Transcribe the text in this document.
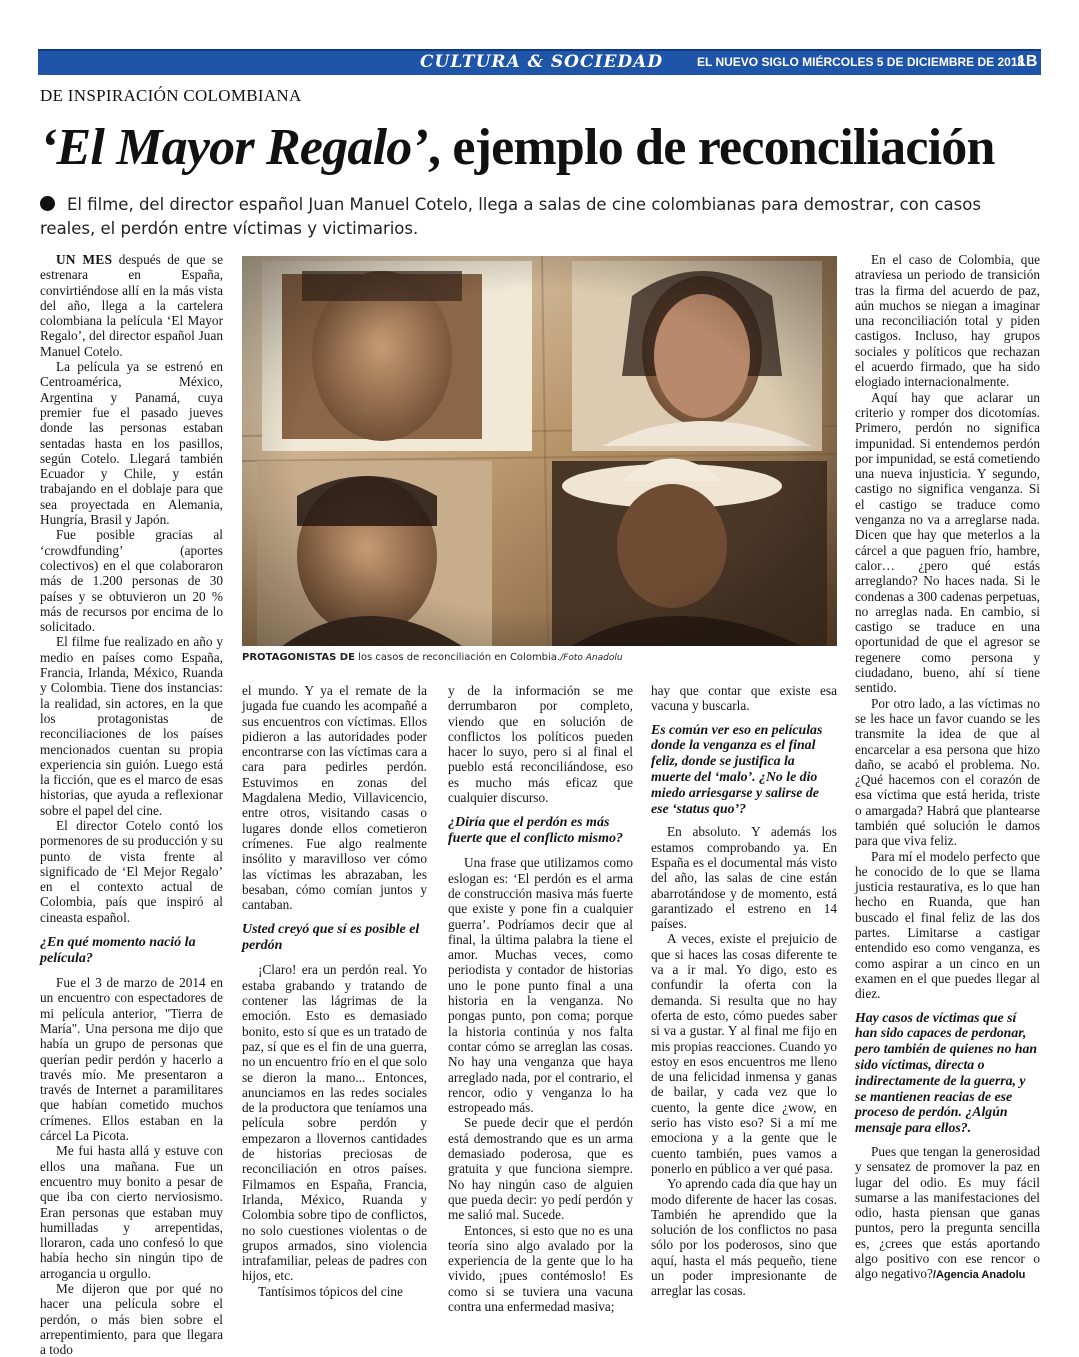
CULTURA & SOCIEDAD	EL NUEVO SIGLO MIÉRCOLES 5 DE DICIEMBRE DE 2018
1B
DE INSPIRACIÓN COLOMBIANA
‘El Mayor Regalo’, ejemplo de reconciliación
El filme, del director español Juan Manuel Cotelo, llega a salas de cine colombianas para demostrar, con casos reales, el perdón entre víctimas y victimarios.

UN MES después de que se estrenara en España, convirtiéndose allí en la más vista del año, llega a la cartelera colombiana la película ‘El Mayor Regalo’, del director español Juan Manuel Cotelo.

La película ya se estrenó en Centroamérica, México, Argentina y Panamá, cuya premier fue el pasado jueves donde las personas estaban sentadas hasta en los pasillos, según Cotelo. Llegará también Ecuador y Chile, y están trabajando en el doblaje para que sea proyectada en Alemania, Hungría, Brasil y Japón.

Fue posible gracias al ‘crowdfunding’ (aportes colectivos) en el que colaboraron más de 1.200 personas de 30 países y se obtuvieron un 20 % más de recursos por encima de lo solicitado.

El filme fue realizado en año y medio en países como España, Francia, Irlanda, México, Ruanda y Colombia. Tiene dos instancias: la realidad, sin actores, en la que los protagonistas de reconciliaciones de los países mencionados cuentan su propia experiencia sin guión. Luego está la ficción, que es el marco de esas historias, que ayuda a reflexionar sobre el papel del cine.

El director Cotelo contó los pormenores de su producción y su punto de vista frente al significado de ‘El Mejor Regalo’ en el contexto actual de Colombia, país que inspiró al cineasta español.

¿En qué momento nació la película?

Fue el 3 de marzo de 2014 en un encuentro con espectadores de mi película anterior, "Tierra de María". Una persona me dijo que había un grupo de personas que querían pedir perdón y hacerlo a través mío. Me presentaron a través de Internet a paramilitares que habían cometido muchos crímenes. Ellos estaban en la cárcel La Picota.

Me fui hasta allá y estuve con ellos una mañana. Fue un encuentro muy bonito a pesar de que iba con cierto nerviosismo. Eran personas que estaban muy humilladas y arrepentidas, lloraron, cada uno confesó lo que había hecho sin ningún tipo de arrogancia u orgullo.

Me dijeron que por qué no hacer una película sobre el perdón, o más bien sobre el arrepentimiento, para que llegara a todo

PROTAGONISTAS DE los casos de reconciliación en Colombia./Foto Anadolu

el mundo. Y ya el remate de la jugada fue cuando les acompañé a sus encuentros con víctimas. Ellos pidieron a las autoridades poder encontrarse con las víctimas cara a cara para pedirles perdón. Estuvimos en zonas del Magdalena Medio, Villavicencio, entre otros, visitando casas o lugares donde ellos cometieron crímenes. Fue algo realmente insólito y maravilloso ver cómo las víctimas les abrazaban, les besaban, cómo comían juntos y cantaban.

Usted creyó que sí es posible el perdón

¡Claro! era un perdón real. Yo estaba grabando y tratando de contener las lágrimas de la emoción. Esto es demasiado bonito, esto sí que es un tratado de paz, sí que es el fin de una guerra, no un encuentro frío en el que solo se dieron la mano... Entonces, anunciamos en las redes sociales de la productora que teníamos una película sobre perdón y empezaron a llovernos cantidades de historias preciosas de reconciliación en otros países. Filmamos en España, Francia, Irlanda, México, Ruanda y Colombia sobre tipo de conflictos, no solo cuestiones violentas o de grupos armados, sino violencia intrafamiliar, peleas de padres con hijos, etc.

Tantísimos tópicos del cine

y de la información se me derrumbaron por completo, viendo que en solución de conflictos los políticos pueden hacer lo suyo, pero si al final el pueblo está reconciliándose, eso es mucho más eficaz que cualquier discurso.

¿Diría que el perdón es más fuerte que el conflicto mismo?

Una frase que utilizamos como eslogan es: ‘El perdón es el arma de construcción masiva más fuerte que existe y pone fin a cualquier guerra’. Podríamos decir que al final, la última palabra la tiene el amor. Muchas veces, como periodista y contador de historias uno le pone punto final a una historia en la venganza. No pongas punto, pon coma; porque la historia continúa y nos falta contar cómo se arreglan las cosas. No hay una venganza que haya arreglado nada, por el contrario, el rencor, odio y venganza lo ha estropeado más.

Se puede decir que el perdón está demostrando que es un arma demasiado poderosa, que es gratuita y que funciona siempre. No hay ningún caso de alguien que pueda decir: yo pedí perdón y me salió mal. Sucede.

Entonces, si esto que no es una teoría sino algo avalado por la experiencia de la gente que lo ha vivido, ¡pues contémoslo! Es como si se tuviera una vacuna contra una enfermedad masiva;

hay que contar que existe esa vacuna y buscarla.

Es común ver eso en películas donde la venganza es el final feliz, donde se justifica la muerte del ‘malo’. ¿No le dio miedo arriesgarse y salirse de ese ‘status quo’?

En absoluto. Y además los estamos comprobando ya. En España es el documental más visto del año, las salas de cine están abarrotándose y de momento, está garantizado el estreno en 14 países.

A veces, existe el prejuicio de que si haces las cosas diferente te va a ir mal. Yo digo, esto es confundir la oferta con la demanda. Si resulta que no hay oferta de esto, cómo puedes saber si va a gustar. Y al final me fijo en mis propias reacciones. Cuando yo estoy en esos encuentros me lleno de una felicidad inmensa y ganas de bailar, y cada vez que lo cuento, la gente dice ¿wow, en serio has visto eso? Si a mí me emociona y a la gente que le cuento también, pues vamos a ponerlo en público a ver qué pasa.

Yo aprendo cada día que hay un modo diferente de hacer las cosas. También he aprendido que la solución de los conflictos no pasa sólo por los poderosos, sino que aquí, hasta el más pequeño, tiene un poder impresionante de arreglar las cosas.

En el caso de Colombia, que atraviesa un periodo de transición tras la firma del acuerdo de paz, aún muchos se niegan a imaginar una reconciliación total y piden castigos. Incluso, hay grupos sociales y políticos que rechazan el acuerdo firmado, que ha sido elogiado internacionalmente.

Aquí hay que aclarar un criterio y romper dos dicotomías. Primero, perdón no significa impunidad. Si entendemos perdón por impunidad, se está cometiendo una nueva injusticia. Y segundo, castigo no significa venganza. Si el castigo se traduce como venganza no va a arreglarse nada. Dicen que hay que meterlos a la cárcel a que paguen frío, hambre, calor… ¿pero qué estás arreglando? No haces nada. Si le condenas a 300 cadenas perpetuas, no arreglas nada. En cambio, si castigo se traduce en una oportunidad de que el agresor se regenere como persona y ciudadano, bueno, ahí sí tiene sentido.

Por otro lado, a las víctimas no se les hace un favor cuando se les transmite la idea de que al encarcelar a esa persona que hizo daño, se acabó el problema. No. ¿Qué hacemos con el corazón de esa víctima que está herida, triste o amargada? Habrá que plantearse también qué solución le damos para que viva feliz.

Para mí el modelo perfecto que he conocido de lo que se llama justicia restaurativa, es lo que han hecho en Ruanda, que han buscado el final feliz de las dos partes. Limitarse a castigar entendido eso como venganza, es como aspirar a un cinco en un examen en el que puedes llegar al diez.

Hay casos de víctimas que sí han sido capaces de perdonar, pero también de quienes no han sido víctimas, directa o indirectamente de la guerra, y se mantienen reacias de ese proceso de perdón. ¿Algún mensaje para ellos?.

Pues que tengan la generosidad y sensatez de promover la paz en lugar del odio. Es muy fácil sumarse a las manifestaciones del odio, hasta piensan que ganas puntos, pero la pregunta sencilla es, ¿crees que estás aportando algo positivo con ese rencor o algo negativo?/Agencia Anadolu
